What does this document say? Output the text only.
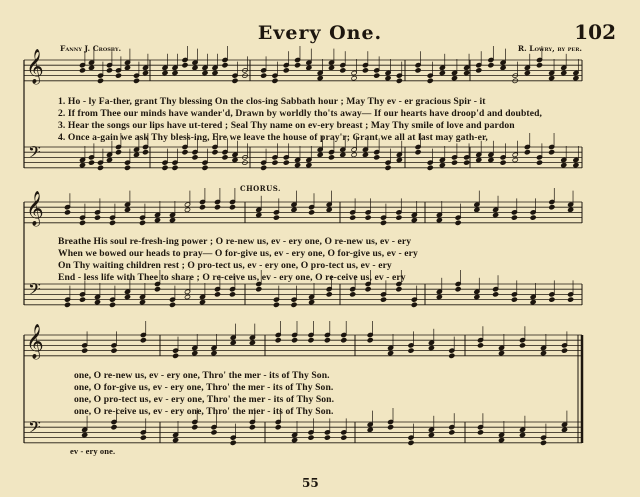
𝄞
𝄢
𝄞
𝄢
𝄞
𝄢
Every One.	102
Fanny J. Crosby.	R. Lowry, by per.
1. Ho - ly Fa-ther, grant Thy blessing On the clos-ing Sabbath hour ; May Thy ev - er gracious Spir - it
2. If from Thee our minds have wander'd, Drawn by worldly tho'ts away— If our hearts have droop'd and doubted,
3. Hear the songs our lips have ut-tered ; Seal Thy name on ev-ery breast ; May Thy smile of love and pardon
4. Once a-gain we ask Thy bless-ing, Ere we leave the house of pray'r; Grant we all at last may gath-er,
CHORUS.
Breathe His soul re-fresh-ing power ; O re-new us, ev - ery one, O re-new us, ev - ery
When we bowed our heads to pray— O for-give us, ev - ery one, O for-give us, ev - ery
On Thy waiting children rest ; O pro-tect us, ev - ery one, O pro-tect us, ev - ery
End - less life with Thee to share ; O re-ceive us, ev - ery one, O re-ceive us, ev - ery
one, O re-new us, ev - ery one, Thro' the mer - its of Thy Son.
one, O for-give us, ev - ery one, Thro' the mer - its of Thy Son.
one, O pro-tect us, ev - ery one, Thro' the mer - its of Thy Son.
one, O re-ceive us, ev - ery one, Thro' the mer - its of Thy Son.
ev - ery one.
55
